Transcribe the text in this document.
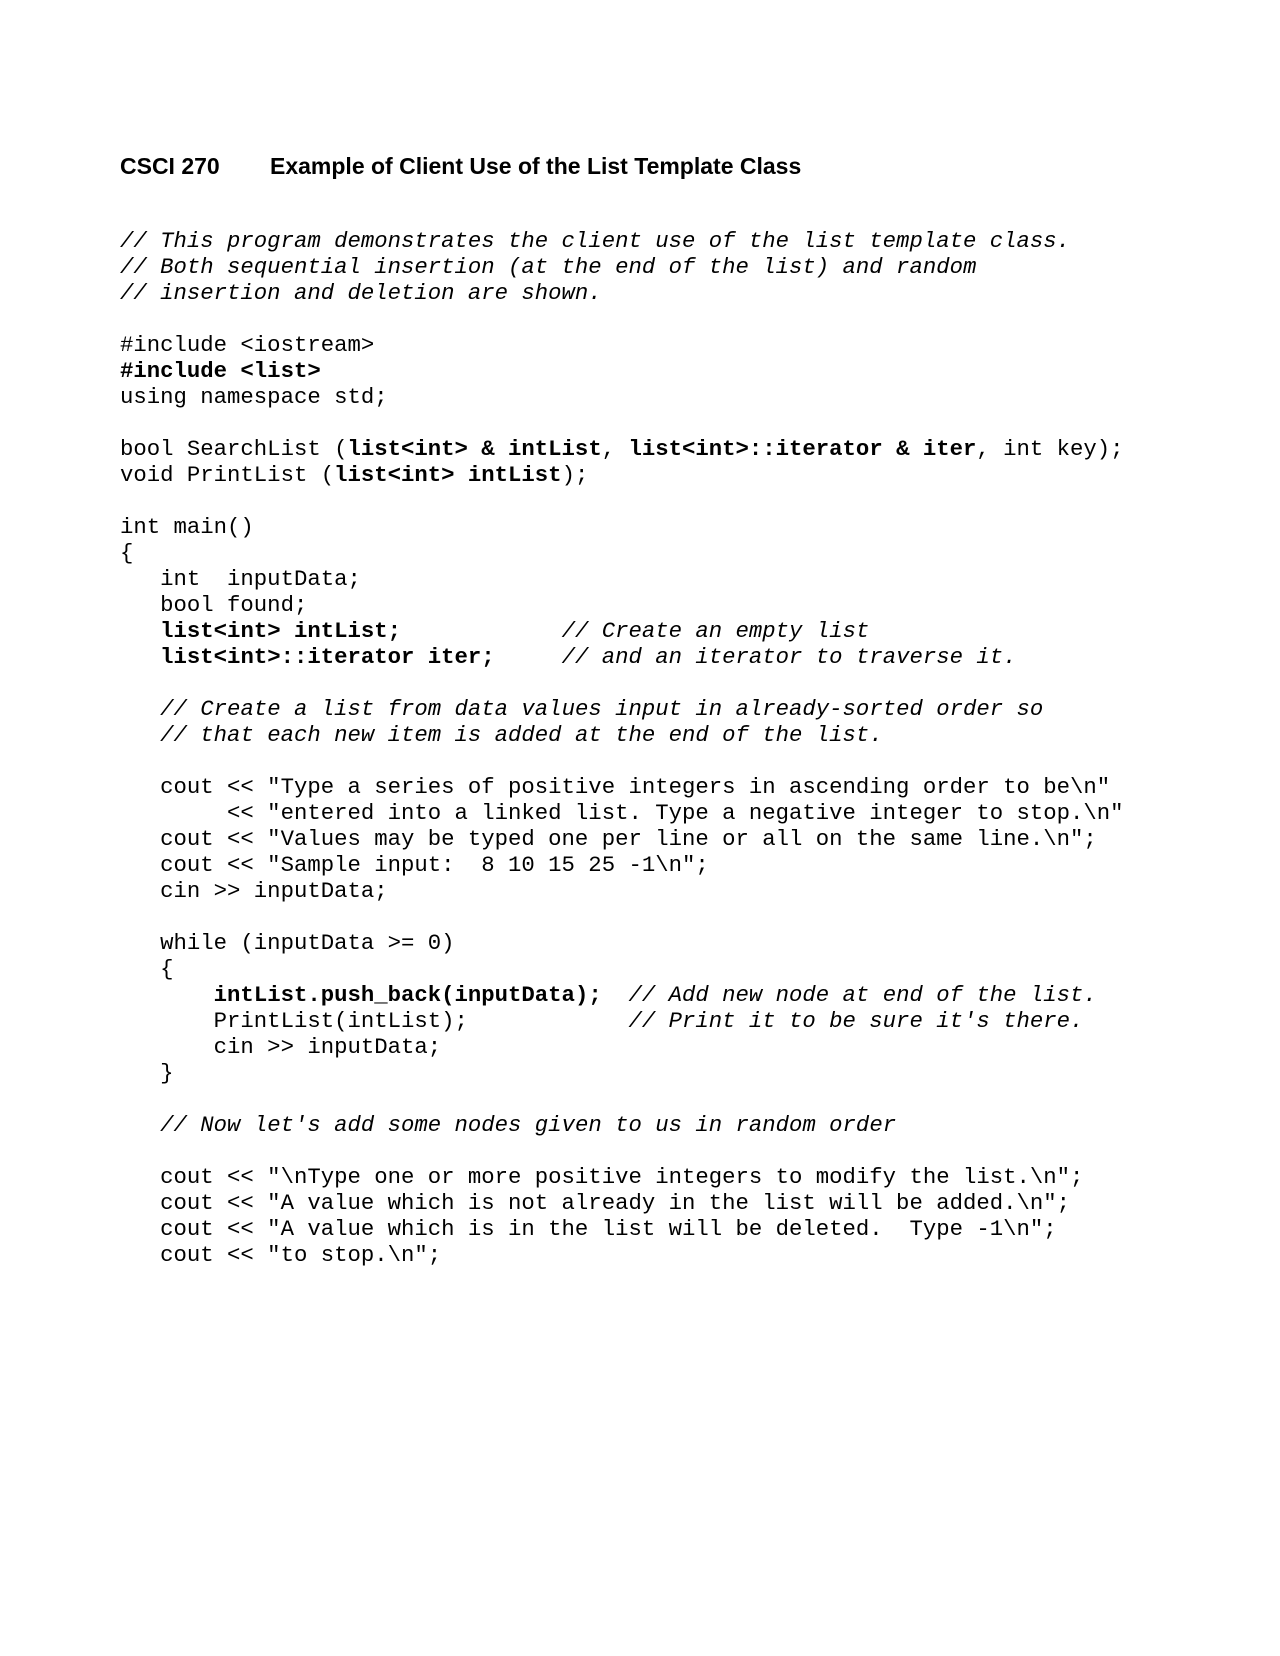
CSCI 270 Example of Client Use of the List Template Class
// This program demonstrates the client use of the list template class.
// Both sequential insertion (at the end of the list) and random
// insertion and deletion are shown.
#include <iostream>
#include <list>
using namespace std;
bool SearchList (list<int> & intList, list<int>::iterator & iter, int key);
void PrintList (list<int> intList);
int main()
{
int  inputData;
bool found;
list<int> intList;	// Create an empty list
list<int>::iterator iter;	// and an iterator to traverse it.
// Create a list from data values input in already-sorted order so
// that each new item is added at the end of the list.
cout << "Type a series of positive integers in ascending order to be\n"
<< "entered into a linked list. Type a negative integer to stop.\n"
cout << "Values may be typed one per line or all on the same line.\n";
cout << "Sample input:  8 10 15 25 -1\n";
cin >> inputData;
while (inputData >= 0)
{
intList.push_back(inputData); // Add new node at end of the list.
PrintList(intList);            // Print it to be sure it's there.
cin >> inputData;
}
// Now let's add some nodes given to us in random order
cout << "\nType one or more positive integers to modify the list.\n";
cout << "A value which is not already in the list will be added.\n";
cout << "A value which is in the list will be deleted.  Type -1\n";
cout << "to stop.\n";
